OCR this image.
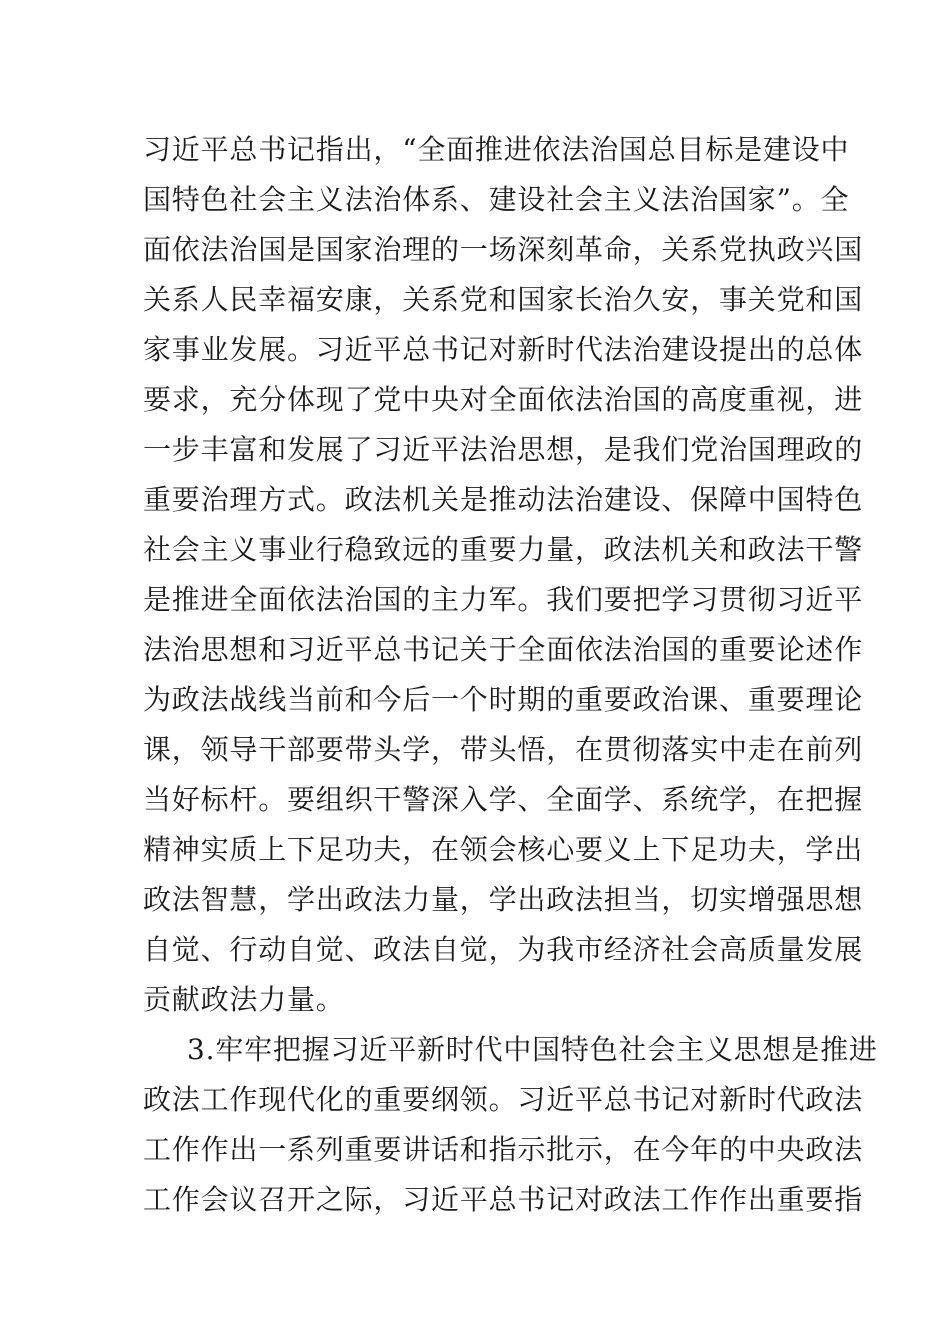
习近平总书记指出，“全面推进依法治国总目标是建设中
国特色社会主义法治体系、建设社会主义法治国家”。全
面依法治国是国家治理的一场深刻革命，关系党执政兴国
关系人民幸福安康，关系党和国家长治久安，事关党和国
家事业发展。习近平总书记对新时代法治建设提出的总体
要求，充分体现了党中央对全面依法治国的高度重视，进
一步丰富和发展了习近平法治思想，是我们党治国理政的
重要治理方式。政法机关是推动法治建设、保障中国特色
社会主义事业行稳致远的重要力量，政法机关和政法干警
是推进全面依法治国的主力军。我们要把学习贯彻习近平
法治思想和习近平总书记关于全面依法治国的重要论述作
为政法战线当前和今后一个时期的重要政治课、重要理论
课，领导干部要带头学，带头悟，在贯彻落实中走在前列
当好标杆。要组织干警深入学、全面学、系统学，在把握
精神实质上下足功夫，在领会核心要义上下足功夫，学出
政法智慧，学出政法力量，学出政法担当，切实增强思想
自觉、行动自觉、政法自觉，为我市经济社会高质量发展
贡献政法力量。
3.牢牢把握习近平新时代中国特色社会主义思想是推进
政法工作现代化的重要纲领。习近平总书记对新时代政法
工作作出一系列重要讲话和指示批示，在今年的中央政法
工作会议召开之际，习近平总书记对政法工作作出重要指
